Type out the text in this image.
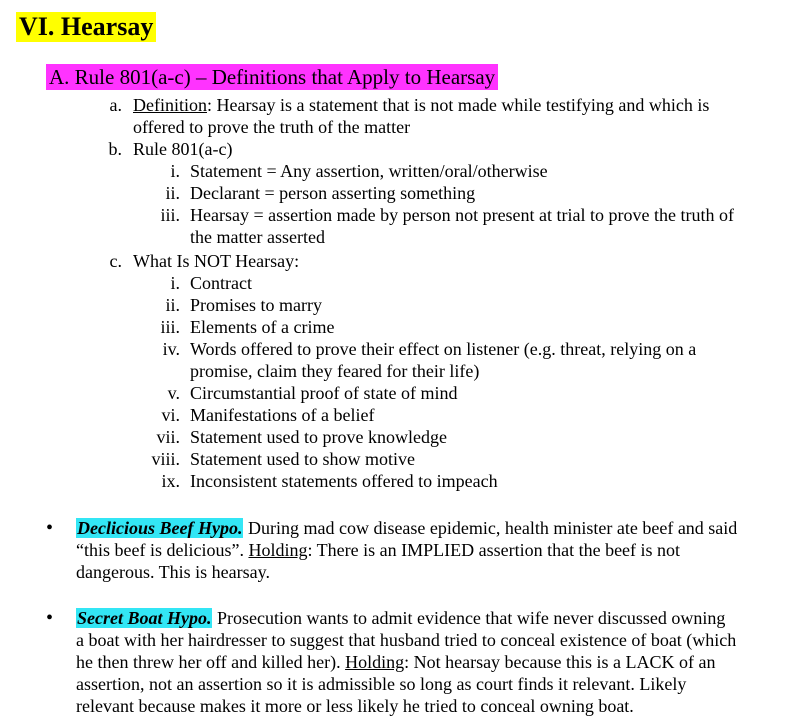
VI. Hearsay
A. Rule 801(a-c) – Definitions that Apply to Hearsay
a. Definition: Hearsay is a statement that is not made while testifying and which is
offered to prove the truth of the matter
b. Rule 801(a-c)
i. Statement = Any assertion, written/oral/otherwise
ii. Declarant = person asserting something
iii. Hearsay = assertion made by person not present at trial to prove the truth of
the matter asserted
c. What Is NOT Hearsay:
i. Contract
ii. Promises to marry
iii. Elements of a crime
iv. Words offered to prove their effect on listener (e.g. threat, relying on a
promise, claim they feared for their life)
v. Circumstantial proof of state of mind
vi. Manifestations of a belief
vii. Statement used to prove knowledge
viii. Statement used to show motive
ix. Inconsistent statements offered to impeach
• Declicious Beef Hypo. During mad cow disease epidemic, health minister ate beef and said
“this beef is delicious”. Holding: There is an IMPLIED assertion that the beef is not
dangerous. This is hearsay.
• Secret Boat Hypo. Prosecution wants to admit evidence that wife never discussed owning
a boat with her hairdresser to suggest that husband tried to conceal existence of boat (which
he then threw her off and killed her). Holding: Not hearsay because this is a LACK of an
assertion, not an assertion so it is admissible so long as court finds it relevant. Likely
relevant because makes it more or less likely he tried to conceal owning boat.
